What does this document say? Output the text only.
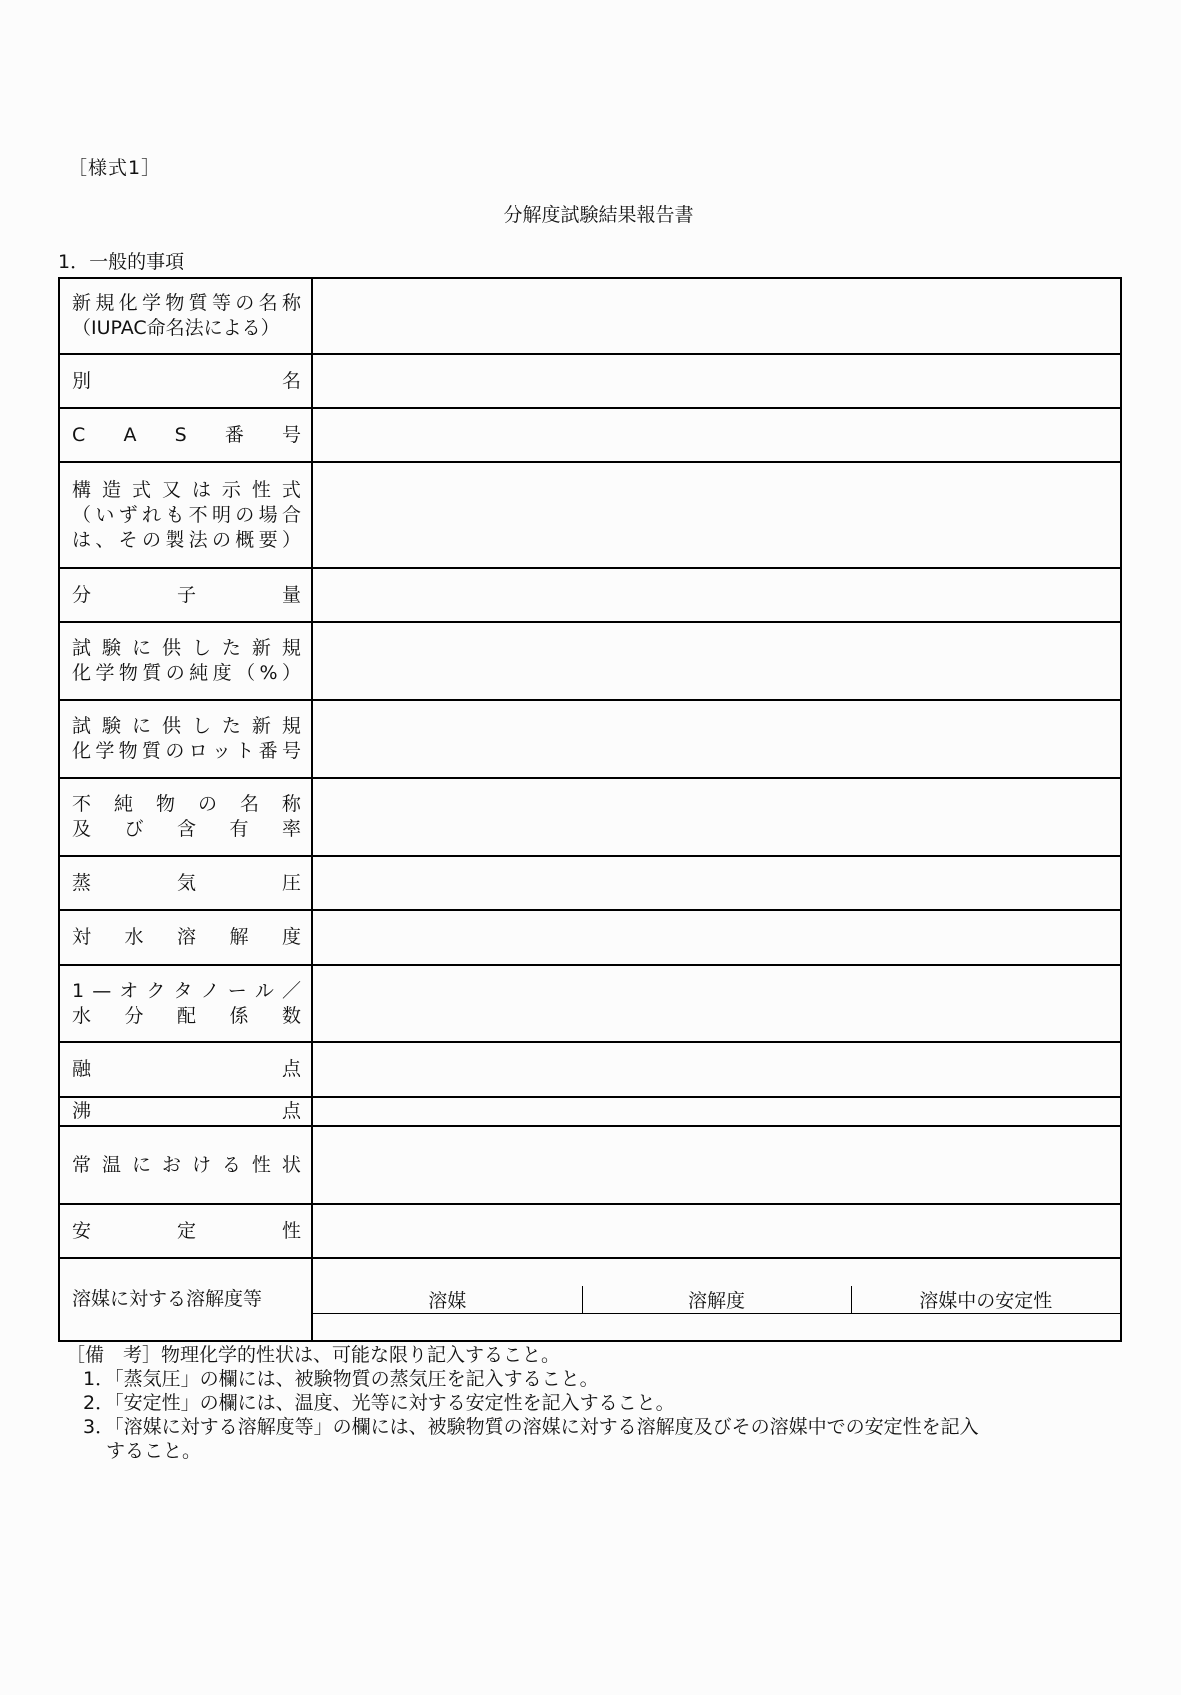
［様式1］
分解度試験結果報告書
1．一般的事項
新 規 化 学 物 質 等 の 名 称
（IUPAC命名法による）

別	名

C A S 番 号

構 造 式 又 は 示 性 式
（ い ず れ も 不 明 の 場 合
は 、 そ の 製 法 の 概 要 ）

分	子	量

試 験 に 供 し た 新 規
化 学 物 質 の 純 度 （ % ）

試 験 に 供 し た 新 規
化 学 物 質 の ロ ッ ト 番 号

不 純 物 の 名 称
及 び 含 有 率

蒸	気	圧

対 水 溶 解 度

1 — オ ク タ ノ ー ル ／
水 分 配 係 数

融	点

沸	点

常 温 に お け る 性 状

安	定	性

溶媒に対する溶解度等
		溶媒	溶解度	溶媒中の安定性

［備　考］物理化学的性状は、可能な限り記入すること。
1．「蒸気圧」の欄には、被験物質の蒸気圧を記入すること。
2．「安定性」の欄には、温度、光等に対する安定性を記入すること。
3．「溶媒に対する溶解度等」の欄には、被験物質の溶媒に対する溶解度及びその溶媒中での安定性を記入
すること。
